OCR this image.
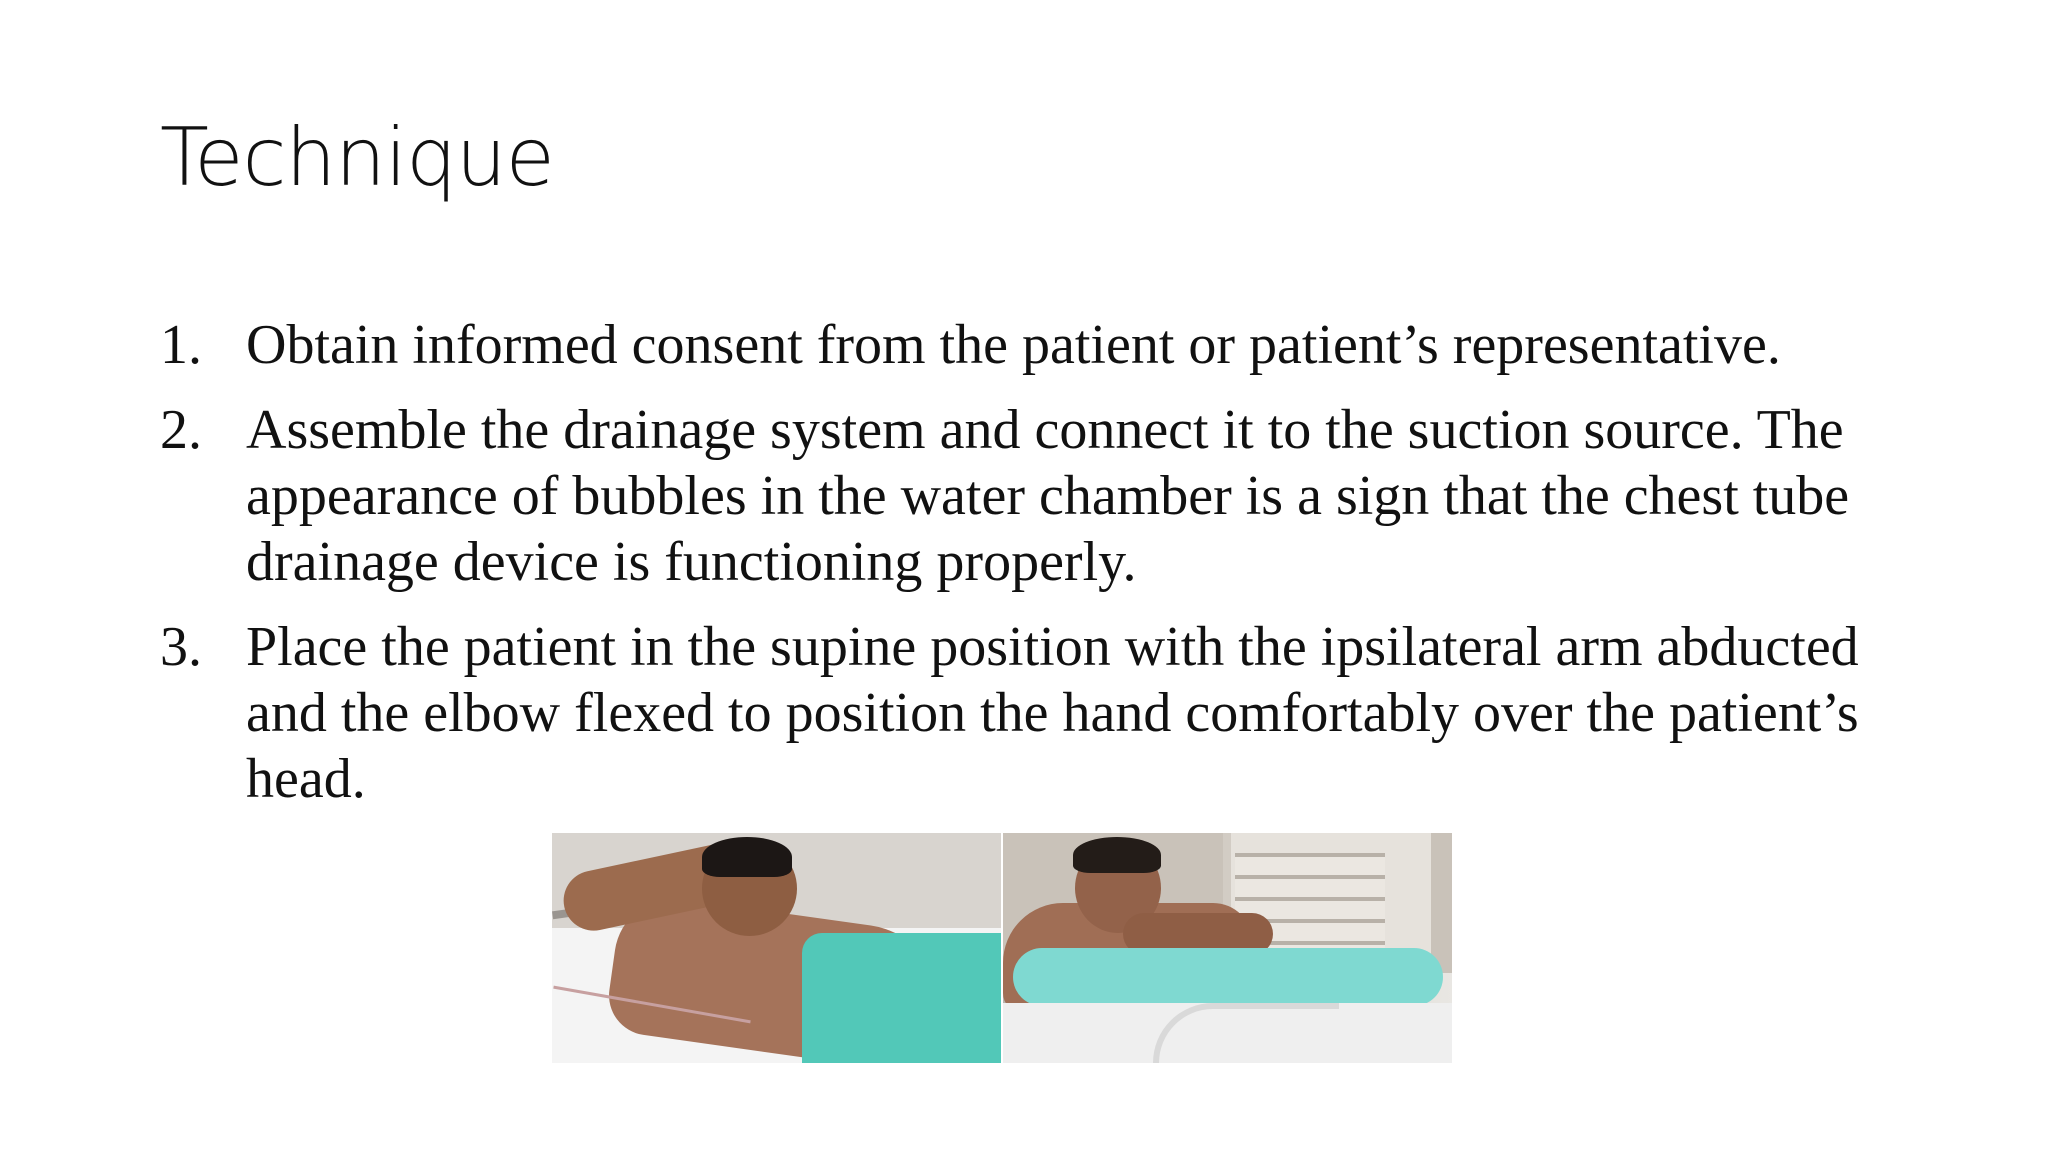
Technique
1. Obtain informed consent from the patient or patient’s representative.
2. Assemble the drainage system and connect it to the suction source. The appearance of bubbles in the water chamber is a sign that the chest tube drainage device is functioning properly.
3. Place the patient in the supine position with the ipsilateral arm abducted and the elbow flexed to position the hand comfortably over the patient’s head.
